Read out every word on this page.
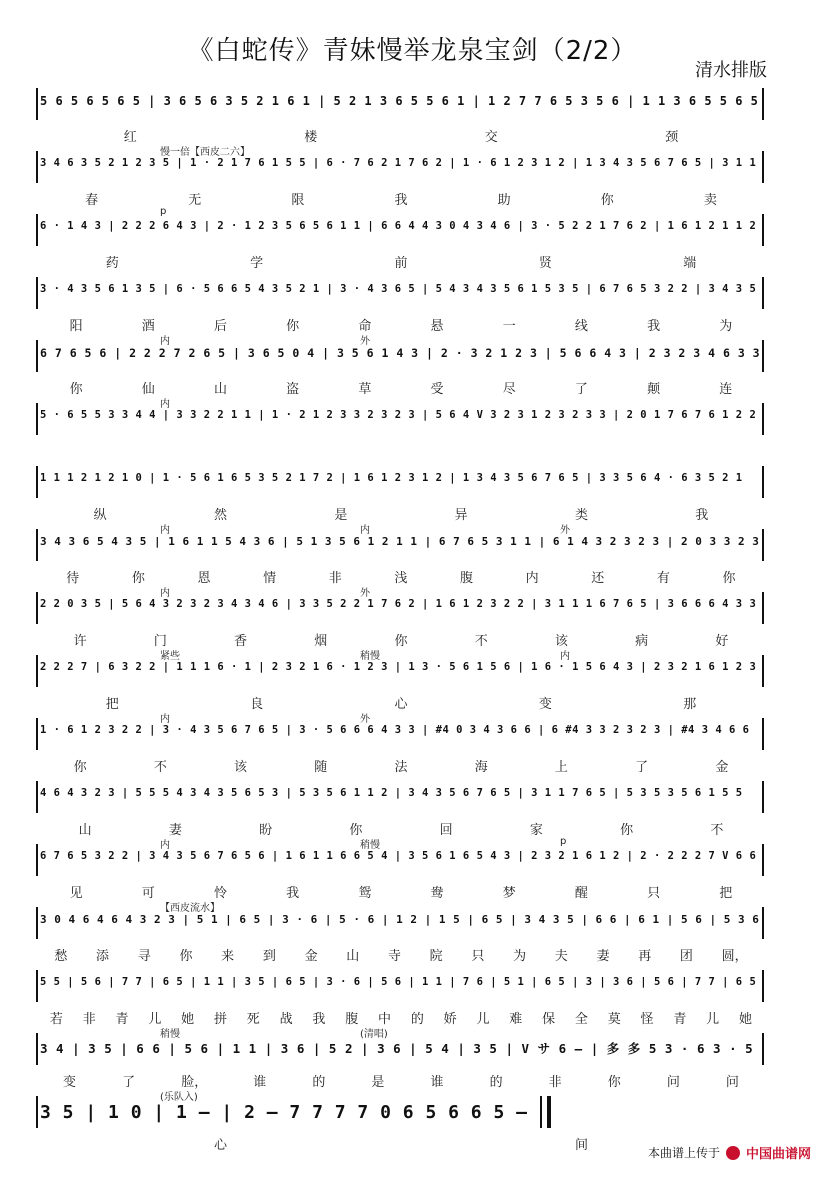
《白蛇传》青妹慢举龙泉宝剑（2/2）
清水排版
5 6 5 6 5 6 5 | 3 6 5 6 3 5 2 1 6 1 | 5 2 1 3 6 5 5 6 1 | 1 2 7 7 6 5 3 5 6 | 1 1 3 6 5 5 6 5
红	楼	交	颈
3 4 6 3 5 2 1 2 3 5 | 1 · 2 1 7 6 1 5 5 | 6 · 7 6 2 1 7 6 2 | 1 · 6 1 2 3 1 2 | 1 3 4 3 5 6 7 6 5 | 3 1 1
慢一倍【西皮二六】
春	无	限	我	助	你	卖
6 · 1 4 3 | 2 2 2 6 4 3 | 2 · 1 2 3 5 6 5 6 1 1 | 6 6 4 4 3 0 4 3 4 6 | 3 · 5 2 2 1 7 6 2 | 1 6 1 2 1 1 2
p
药	学	前	贤	端
3 · 4 3 5 6 1 3 5 | 6 · 5 6 6 5 4 3 5 2 1 | 3 · 4 3 6 5 | 5 4 3 4 3 5 6 1 5 3 5 | 6 7 6 5 3 2 2 | 3 4 3 5
阳	酒	后	你	命	悬	一	线	我	为
6 7 6 5 6 | 2 2 2 7 2 6 5 | 3 6 5 0 4 | 3 5 6 1 4 3 | 2 · 3 2 1 2 3 | 5 6 6 4 3 | 2 3 2 3 4 6 3 3
内	外
你	仙	山	盗	草	受	尽	了	颠	连
5 · 6 5 5 3 3 4 4 | 3 3 2 2 1 1 | 1 · 2 1 2 3 3 2 3 2 3 | 5 6 4 V 3 2 3 1 2 3 2 3 3 | 2 0 1 7 6 7 6 1 2 2
内
1 1 1 2 1 2 1 0 | 1 · 5 6 1 6 5 3 5 2 1 7 2 | 1 6 1 2 3 1 2 | 1 3 4 3 5 6 7 6 5 | 3 3 5 6 4 · 6 3 5 2 1
纵	然	是	异	类	我
3 4 3 6 5 4 3 5 | 1 6 1 1 5 4 3 6 | 5 1 3 5 6 1 2 1 1 | 6 7 6 5 3 1 1 | 6 1 4 3 2 3 2 3 | 2 0 3 3 2 3
内	内	外
待	你	恩	情	非	浅	腹	内	还	有	你
2 2 0 3 5 | 5 6 4 3 2 3 2 3 4 3 4 6 | 3 3 5 2 2 1 7 6 2 | 1 6 1 2 3 2 2 | 3 1 1 1 6 7 6 5 | 3 6 6 6 4 3 3
内	外
许	门	香	烟	你	不	该	病	好
2 2 2 7 | 6 3 2 2 | 1 1 1 6 · 1 | 2 3 2 1 6 · 1 2 3 | 1 3 · 5 6 1 5 6 | 1 6 · 1 5 6 4 3 | 2 3 2 1 6 1 2 3
紧些	稍慢	内
把	良	心	变	那
1 · 6 1 2 3 2 2 | 3 · 4 3 5 6 7 6 5 | 3 · 5 6 6 6 4 3 3 | #4 0 3 4 3 6 6 | 6 #4 3 3 2 3 2 3 | #4 3 4 6 6
内	外
你	不	该	随	法	海	上	了	金
4 6 4 3 2 3 | 5 5 5 4 3 4 3 5 6 5 3 | 5 3 5 6 1 1 2 | 3 4 3 5 6 7 6 5 | 3 1 1 7 6 5 | 5 3 5 3 5 6 1 5 5
山	妻	盼	你	回	家	你	不
6 7 6 5 3 2 2 | 3 4 3 5 6 7 6 5 6 | 1 6 1 1 6 6 5 4 | 3 5 6 1 6 5 4 3 | 2 3 2 1 6 1 2 | 2 · 2 2 2 7 V 6 6
内	稍慢	p
见	可	怜	我	鸳	鸯	梦	醒	只	把
3 0 4 6 4 6 4 3 2 3 | 5 1 | 6 5 | 3 · 6 | 5 · 6 | 1 2 | 1 5 | 6 5 | 3 4 3 5 | 6 6 | 6 1 | 5 6 | 5 3 6
【西皮流水】
愁 添 寻 你 来 到 金 山 寺 院 只 为 夫 妻 再 团 圆，
5 5 | 5 6 | 7 7 | 6 5 | 1 1 | 3 5 | 6 5 | 3 · 6 | 5 6 | 1 1 | 7 6 | 5 1 | 6 5 | 3 | 3 6 | 5 6 | 7 7 | 6 5
若 非 青 儿 她 拼 死 战 我 腹 中 的 娇 儿 难 保 全 莫 怪 青 儿 她
3 4 | 3 5 | 6 6 | 5 6 | 1 1 | 3 6 | 5 2 | 3 6 | 5 4 | 3 5 | V サ 6 — | 多 多 5 3 · 6 3 · 5
稍慢	(清唱)
变	了	脸，	谁	的	是	谁	的	非	你	问	问
3 5 | 1 0 | 1 — | 2 — 7 7 7 7 0 6 5 6 6 5 —
(乐队入)
心	间	本曲谱上传于 中国曲谱网
